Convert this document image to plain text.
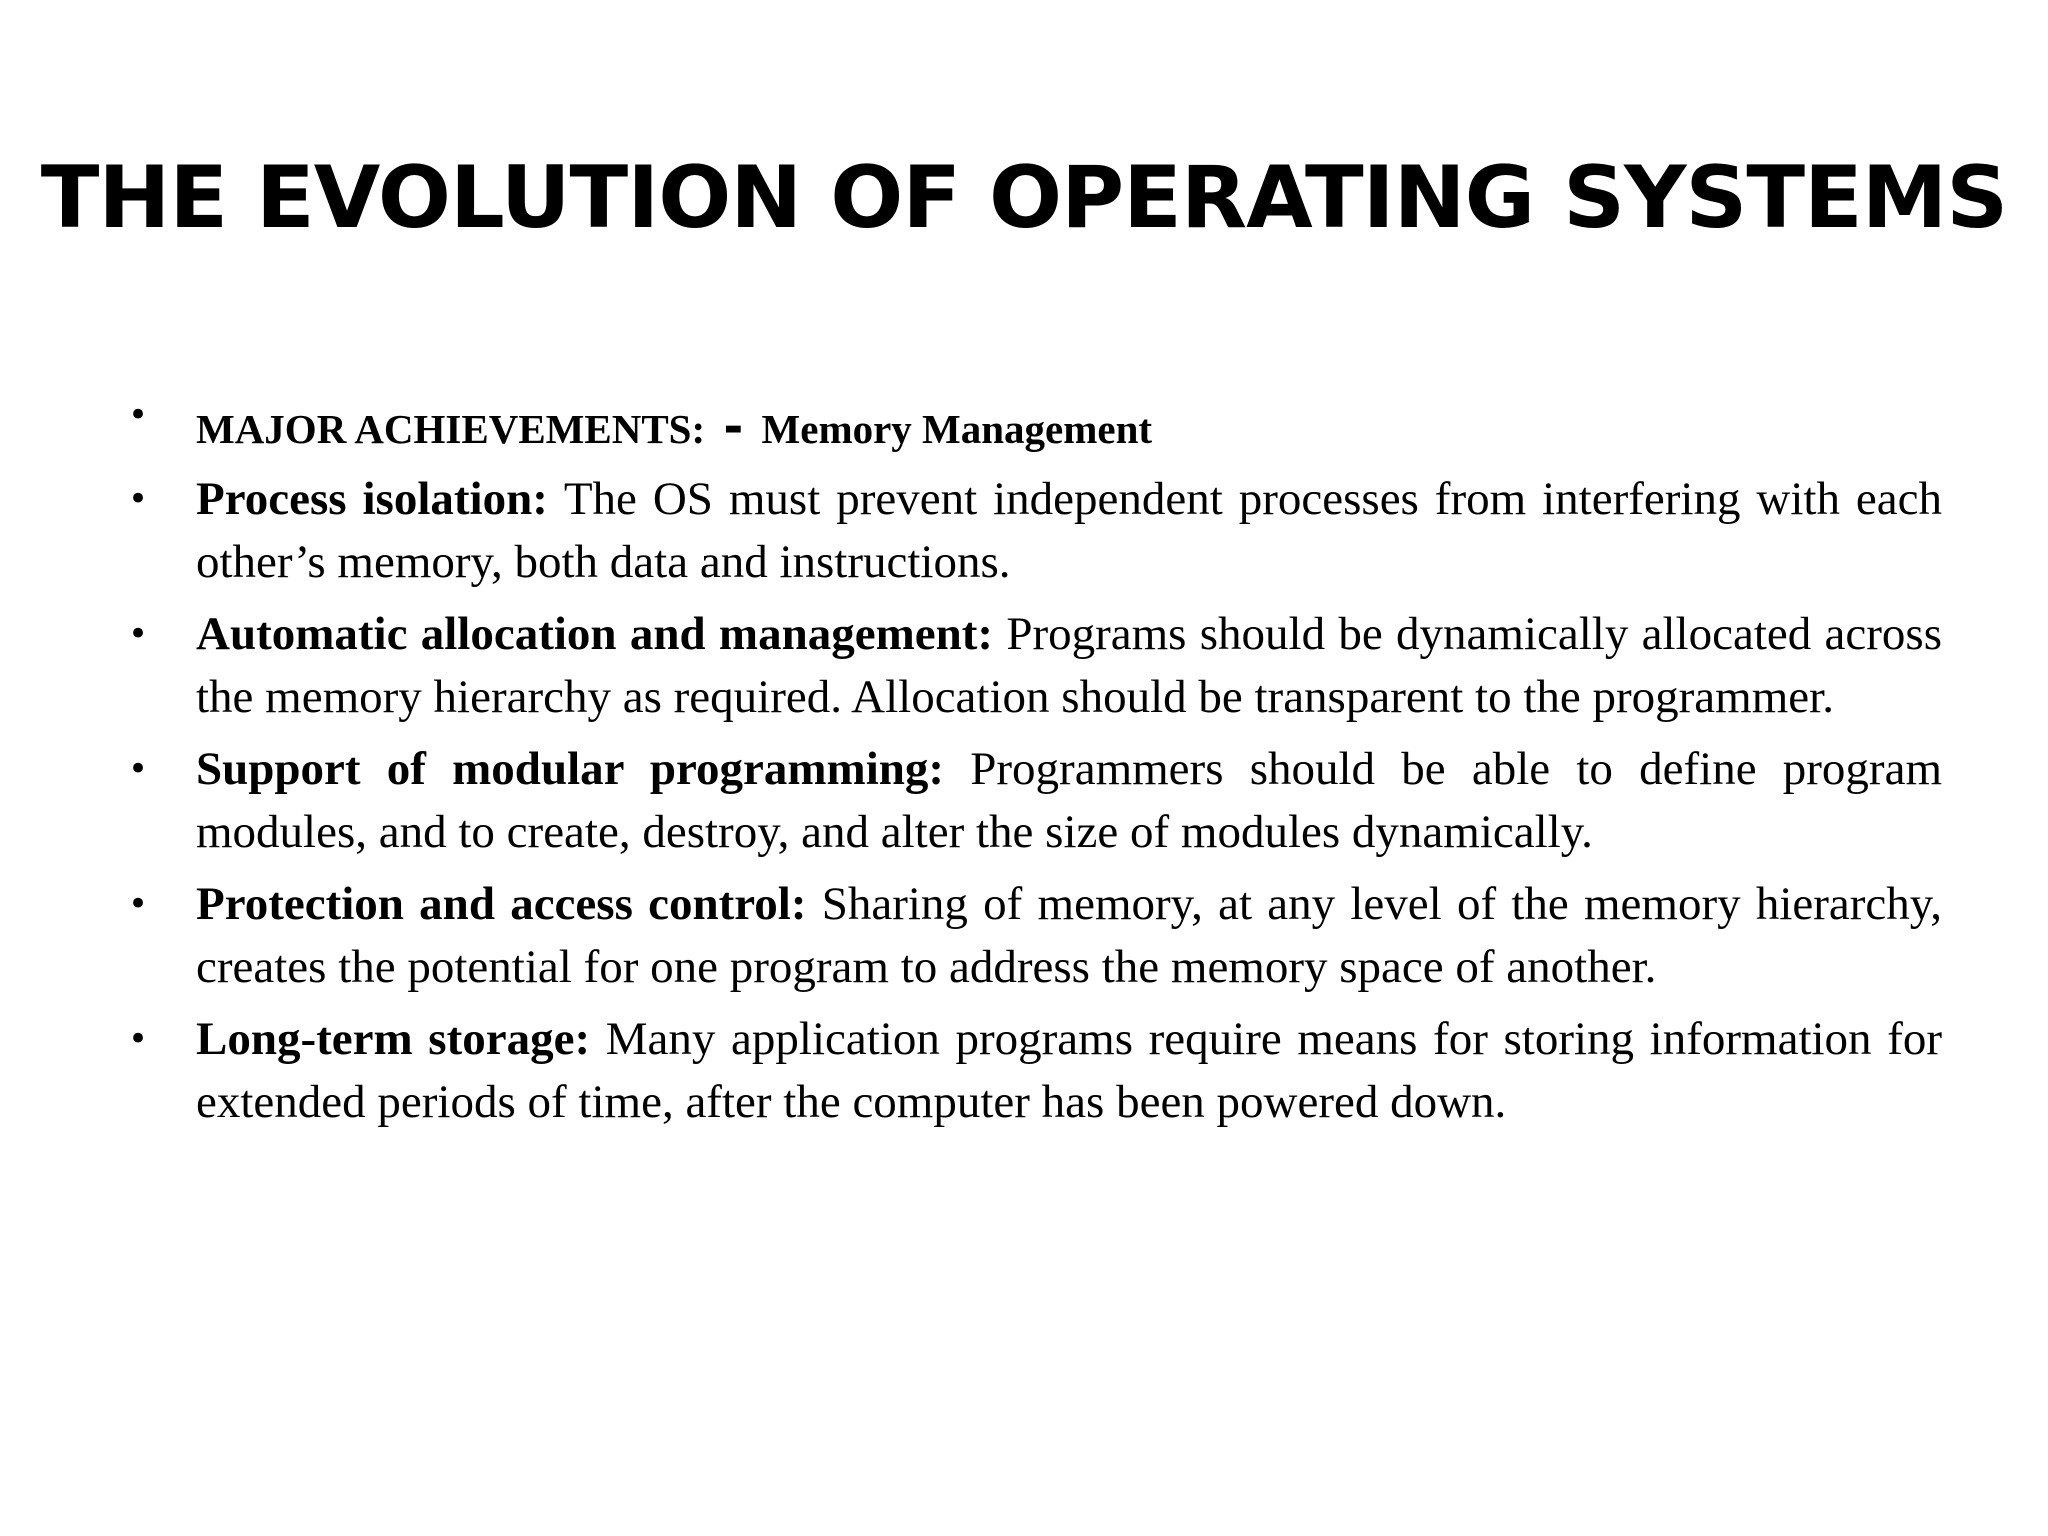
THE EVOLUTION OF OPERATING SYSTEMS
• MAJOR ACHIEVEMENTS: - Memory Management
• Process isolation: The OS must prevent independent processes from interfering with each other’s memory, both data and instructions.
• Automatic allocation and management: Programs should be dynamically allocated across the memory hierarchy as required. Allocation should be transparent to the programmer.
• Support of modular programming: Programmers should be able to define program modules, and to create, destroy, and alter the size of modules dynamically.
• Protection and access control: Sharing of memory, at any level of the memory hierarchy, creates the potential for one program to address the memory space of another.
• Long-term storage: Many application programs require means for storing information for extended periods of time, after the computer has been powered down.
